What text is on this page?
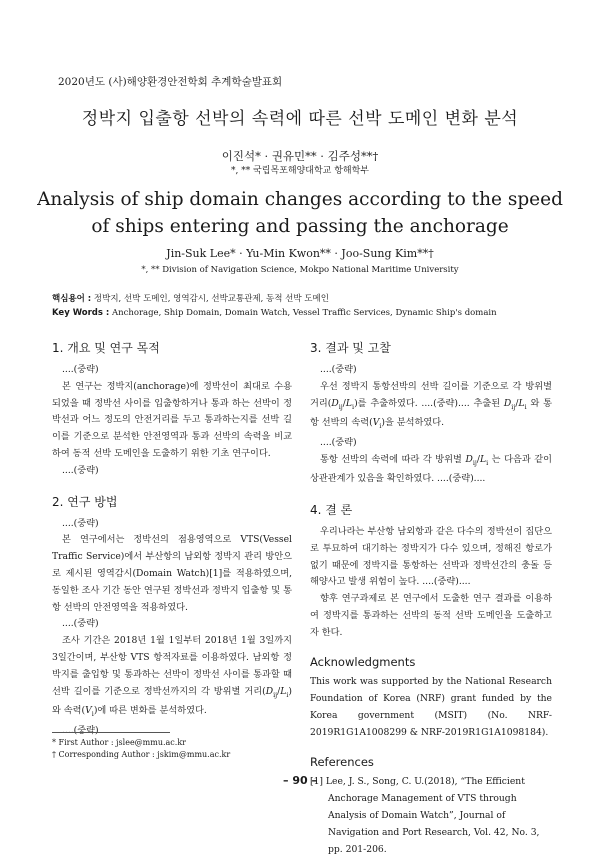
2020년도 (사)해양환경안전학회 추계학술발표회
정박지 입출항 선박의 속력에 따른 선박 도메인 변화 분석
이진석* · 권유민** · 김주성**†
*, ** 국립목포해양대학교 항해학부
Analysis of ship domain changes according to the speed of ships entering and passing the anchorage
Jin-Suk Lee* · Yu-Min Kwon** · Joo-Sung Kim**†
*, ** Division of Navigation Science, Mokpo National Maritime University
핵심용어 : 정박지, 선박 도메인, 영역감시, 선박교통관제, 동적 선박 도메인
Key Words : Anchorage, Ship Domain, Domain Watch, Vessel Traffic Services, Dynamic Ship's domain
1. 개요 및 연구 목적

....(중략)

본 연구는 정박지(anchorage)에 정박선이 최대로 수용되었을 때 정박선 사이를 입출항하거나 통과 하는 선박이 정박선과 어느 정도의 안전거리를 두고 통과하는지를 선박 길이를 기준으로 분석한 안전영역과 통과 선박의 속력을 비교하여 동적 선박 도메인을 도출하기 위한 기초 연구이다.

....(중략)

2. 연구 방법

....(중략)

본 연구에서는 정박선의 점용영역으로 VTS(Vessel Traffic Service)에서 부산항의 남외항 정박지 관리 방안으로 제시된 영역감시(Domain Watch)[1]를 적용하였으며, 동일한 조사 기간 동안 연구된 정박선과 정박지 입출항 및 통항 선박의 안전영역을 적용하였다.

....(중략)

조사 기간은 2018년 1월 1일부터 2018년 1월 3일까지 3일간이며, 부산항 VTS 항적자료를 이용하였다. 남외항 정박지를 출입항 및 통과하는 선박이 정박선 사이를 통과할 때 선박 길이를 기준으로 정박선까지의 각 방위별 거리$(D_{ij}/L_i)$와 속력$(V_i)$에 따른 변화를 분석하였다.

....(중략)

3. 결과 및 고찰

....(중략)

우선 정박지 통항선박의 선박 길이를 기준으로 각 방위별 거리$(D_{ij}/L_i)$를 추출하였다. ....(중략).... 추출된 $D_{ij}/L_i$ 와 통항 선박의 속력$(V_i)$을 분석하였다.

....(중략)

통항 선박의 속력에 따라 각 방위별 $D_{ij}/L_i$ 는 다음과 같이 상관관계가 있음을 확인하였다. ....(중략)....

4. 결 론

우리나라는 부산항 남외항과 같은 다수의 정박선이 집단으로 투묘하여 대기하는 정박지가 다수 있으며, 정해진 항로가 없기 때문에 정박지를 통항하는 선박과 정박선간의 충돌 등 해양사고 발생 위험이 높다. ....(중략)....

향후 연구과제로 본 연구에서 도출한 연구 결과를 이용하여 정박지를 통과하는 선박의 동적 선박 도메인을 도출하고자 한다.

Acknowledgments

This work was supported by the National Research Foundation of Korea (NRF) grant funded by the Korea government (MSIT) (No. NRF-2019R1G1A1008299 & NRF-2019R1G1A1098184).

References

[1] Lee, J. S., Song, C. U.(2018), “The Efficient Anchorage Management of VTS through Analysis of Domain Watch”, Journal of Navigation and Port Research, Vol. 42, No. 3, pp. 201-206.

* First Author : jslee@mmu.ac.kr
† Corresponding Author : jskim@mmu.ac.kr
– 90 –
